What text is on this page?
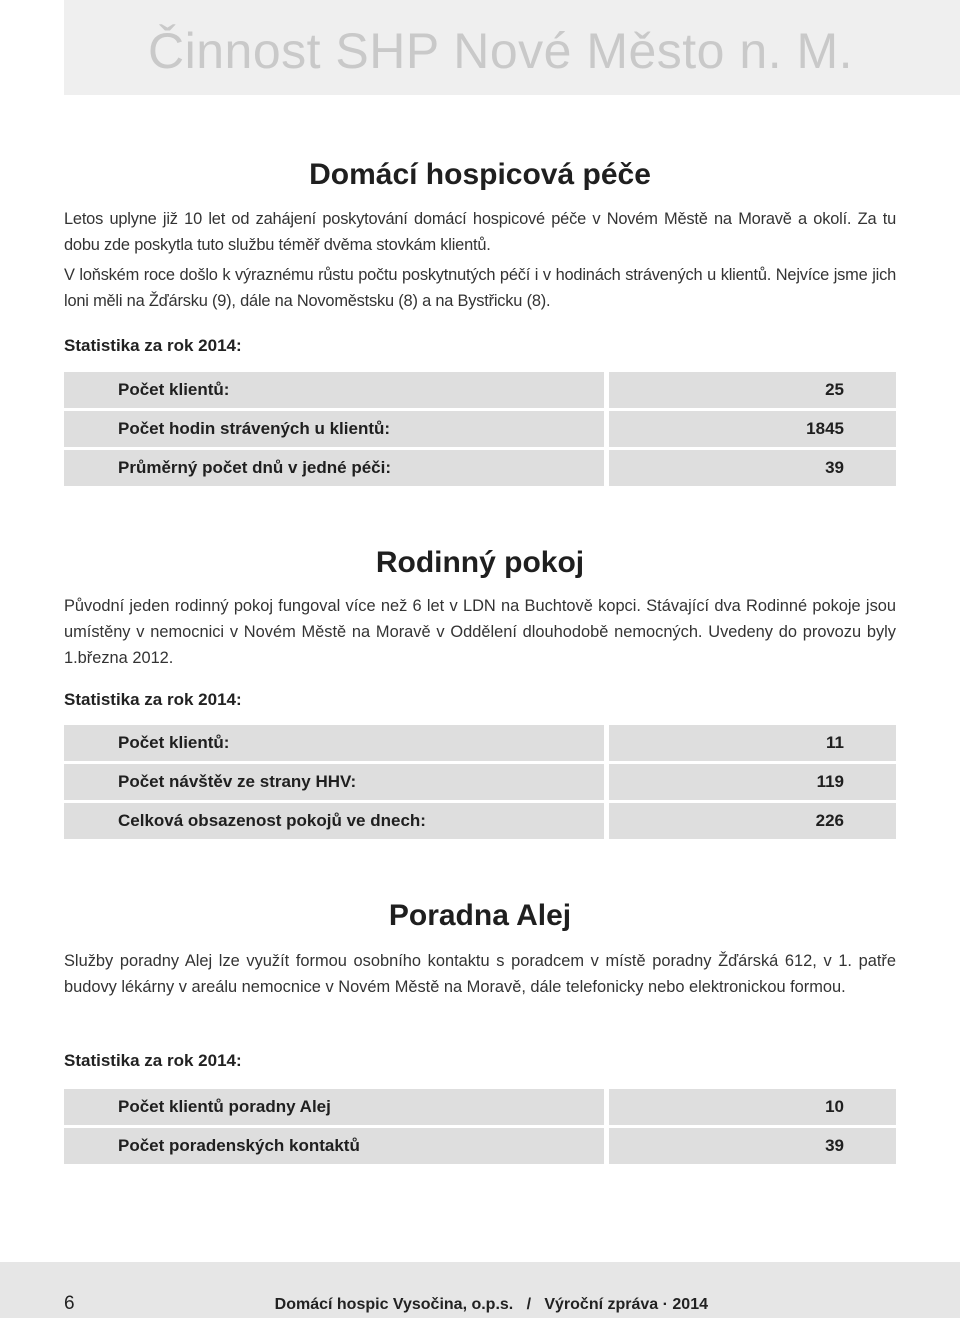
Činnost SHP Nové Město n. M.
Domácí hospicová péče

Letos uplyne již 10 let od zahájení poskytování domácí hospicové péče v Novém Městě na Moravě a okolí. Za tu dobu zde poskytla tuto službu téměř dvěma stovkám klientů.

V loňském roce došlo k výraznému růstu počtu poskytnutých péčí i v hodinách strávených u klientů. Nejvíce jsme jich loni měli na Žďársku (9), dále na Novoměstsku (8) a na Bystřicku (8).

Statistika za rok 2014:
Počet klientů:	25
Počet hodin strávených u klientů:	1845
Průměrný počet dnů v jedné péči:	39
Rodinný pokoj

Původní jeden rodinný pokoj fungoval více než 6 let v LDN na Buchtově kopci. Stávající dva Rodinné pokoje jsou umístěny v nemocnici v Novém Městě na Moravě v Oddělení dlouhodobě nemocných. Uvedeny do provozu byly 1.března 2012.

Statistika za rok 2014:
Počet klientů:	11
Počet návštěv ze strany HHV:	119
Celková obsazenost pokojů ve dnech:	226
Poradna Alej

Služby poradny Alej lze využít formou osobního kontaktu s poradcem v místě poradny Žďárská 612, v 1. patře budovy lékárny v areálu nemocnice v Novém Městě na Moravě, dále telefonicky nebo elektronickou formou.

Statistika za rok 2014:
Počet klientů poradny Alej	10
Počet poradenských kontaktů	39
6	Domácí hospic Vysočina, o.p.s.   /   Výroční zpráva · 2014
